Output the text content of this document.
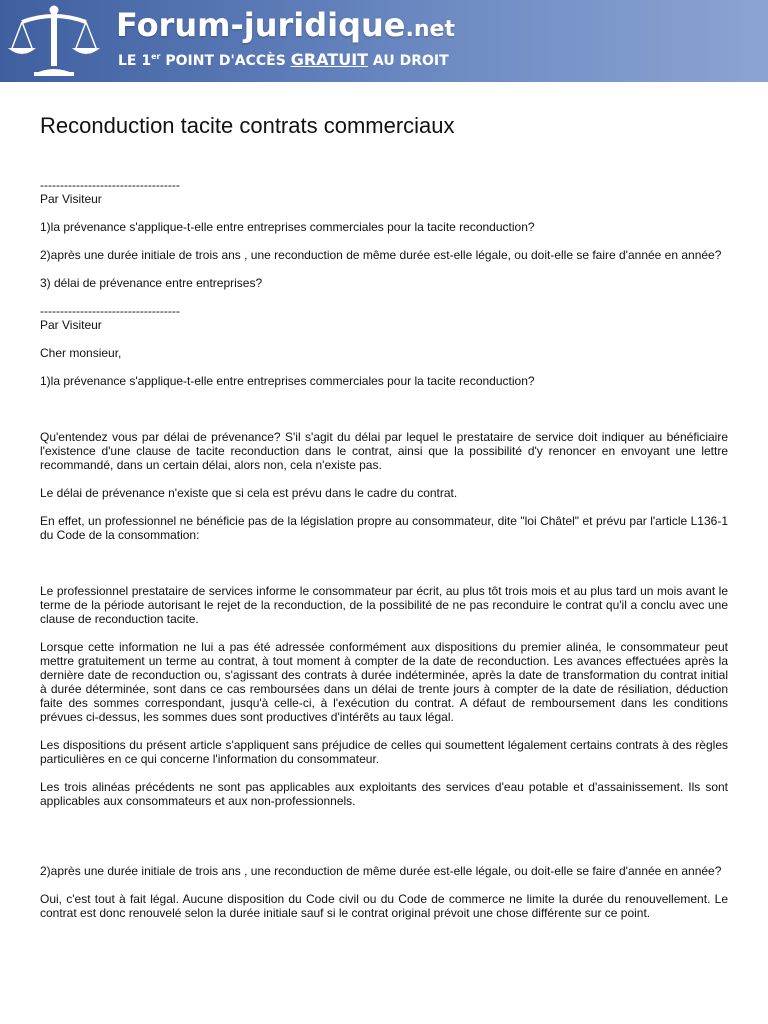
Forum-juridique.net
LE 1er POINT D'ACCÈS GRATUIT AU DROIT
Reconduction tacite contrats commerciaux

-----------------------------------

Par Visiteur

1)la prévenance s'applique-t-elle entre entreprises commerciales pour la tacite reconduction?

2)après une durée initiale de trois ans , une reconduction de même durée est-elle légale, ou doit-elle se faire d'année en année?

3) délai de prévenance entre entreprises?

-----------------------------------

Par Visiteur

Cher monsieur,

1)la prévenance s'applique-t-elle entre entreprises commerciales pour la tacite reconduction?

Qu'entendez vous par délai de prévenance? S'il s'agit du délai par lequel le prestataire de service doit indiquer au bénéficiaire l'existence d'une clause de tacite reconduction dans le contrat, ainsi que la possibilité d'y renoncer en envoyant une lettre recommandé, dans un certain délai, alors non, cela n'existe pas.

Le délai de prévenance n'existe que si cela est prévu dans le cadre du contrat.

En effet, un professionnel ne bénéficie pas de la législation propre au consommateur, dite "loi Châtel" et prévu par l'article L136-1 du Code de la consommation:

Le professionnel prestataire de services informe le consommateur par écrit, au plus tôt trois mois et au plus tard un mois avant le terme de la période autorisant le rejet de la reconduction, de la possibilité de ne pas reconduire le contrat qu'il a conclu avec une clause de reconduction tacite.

Lorsque cette information ne lui a pas été adressée conformément aux dispositions du premier alinéa, le consommateur peut mettre gratuitement un terme au contrat, à tout moment à compter de la date de reconduction. Les avances effectuées après la dernière date de reconduction ou, s'agissant des contrats à durée indéterminée, après la date de transformation du contrat initial à durée déterminée, sont dans ce cas remboursées dans un délai de trente jours à compter de la date de résiliation, déduction faite des sommes correspondant, jusqu'à celle-ci, à l'exécution du contrat. A défaut de remboursement dans les conditions prévues ci-dessus, les sommes dues sont productives d'intérêts au taux légal.

Les dispositions du présent article s'appliquent sans préjudice de celles qui soumettent légalement certains contrats à des règles particulières en ce qui concerne l'information du consommateur.

Les trois alinéas précédents ne sont pas applicables aux exploitants des services d'eau potable et d'assainissement. Ils sont applicables aux consommateurs et aux non-professionnels.

2)après une durée initiale de trois ans , une reconduction de même durée est-elle légale, ou doit-elle se faire d'année en année?

Oui, c'est tout à fait légal. Aucune disposition du Code civil ou du Code de commerce ne limite la durée du renouvellement. Le contrat est donc renouvelé selon la durée initiale sauf si le contrat original prévoit une chose différente sur ce point.
